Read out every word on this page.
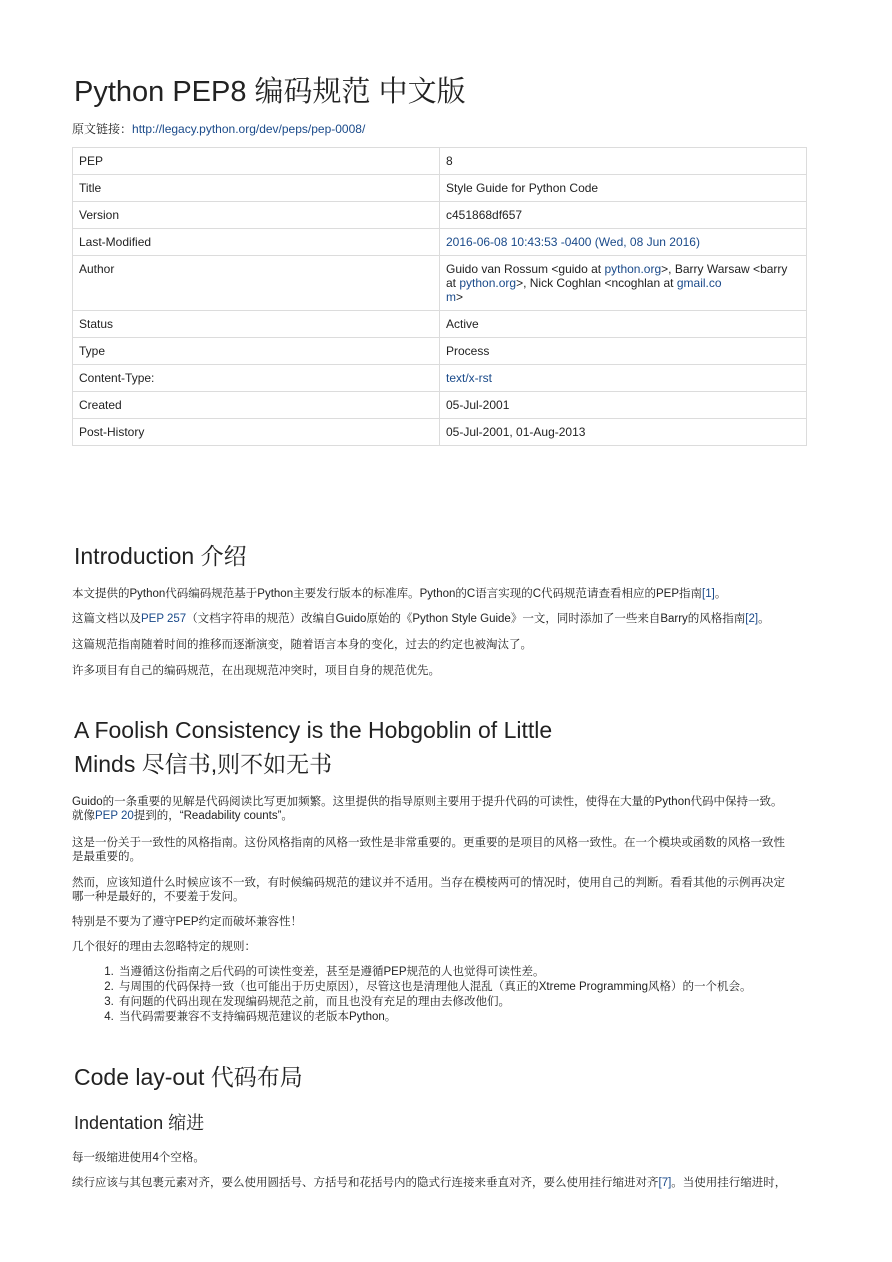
Python PEP8 编码规范 中文版
原文链接：http://legacy.python.org/dev/peps/pep-0008/
PEP	8
Title	Style Guide for Python Code
Version	c451868df657
Last-Modified	2016-06-08 10:43:53 -0400 (Wed, 08 Jun 2016)
Author	Guido van Rossum <guido at python.org>, Barry Warsaw <barry at python.org>, Nick Coghlan <ncoghlan at gmail.co
m>
Status	Active
Type	Process
Content-Type:	text/x-rst
Created	05-Jul-2001
Post-History	05-Jul-2001, 01-Aug-2013
Introduction 介绍
本文提供的Python代码编码规范基于Python主要发行版本的标准库。Python的C语言实现的C代码规范请查看相应的PEP指南[1]。
这篇文档以及PEP 257（文档字符串的规范）改编自Guido原始的《Python Style Guide》一文，同时添加了一些来自Barry的风格指南[2]。
这篇规范指南随着时间的推移而逐渐演变，随着语言本身的变化，过去的约定也被淘汰了。
许多项目有自己的编码规范，在出现规范冲突时，项目自身的规范优先。
A Foolish Consistency is the Hobgoblin of Little
Minds 尽信书,则不如无书
Guido的一条重要的见解是代码阅读比写更加频繁。这里提供的指导原则主要用于提升代码的可读性，使得在大量的Python代码中保持一致。
就像PEP 20提到的，“Readability counts”。
这是一份关于一致性的风格指南。这份风格指南的风格一致性是非常重要的。更重要的是项目的风格一致性。在一个模块或函数的风格一致性
是最重要的。
然而，应该知道什么时候应该不一致，有时候编码规范的建议并不适用。当存在模棱两可的情况时，使用自己的判断。看看其他的示例再决定
哪一种是最好的，不要羞于发问。
特别是不要为了遵守PEP约定而破坏兼容性！
几个很好的理由去忽略特定的规则：
1. 当遵循这份指南之后代码的可读性变差，甚至是遵循PEP规范的人也觉得可读性差。
2. 与周围的代码保持一致（也可能出于历史原因），尽管这也是清理他人混乱（真正的Xtreme Programming风格）的一个机会。
3. 有问题的代码出现在发现编码规范之前，而且也没有充足的理由去修改他们。
4. 当代码需要兼容不支持编码规范建议的老版本Python。
Code lay-out 代码布局
Indentation 缩进
每一级缩进使用4个空格。
续行应该与其包裹元素对齐，要么使用圆括号、方括号和花括号内的隐式行连接来垂直对齐，要么使用挂行缩进对齐[7]。当使用挂行缩进时，
